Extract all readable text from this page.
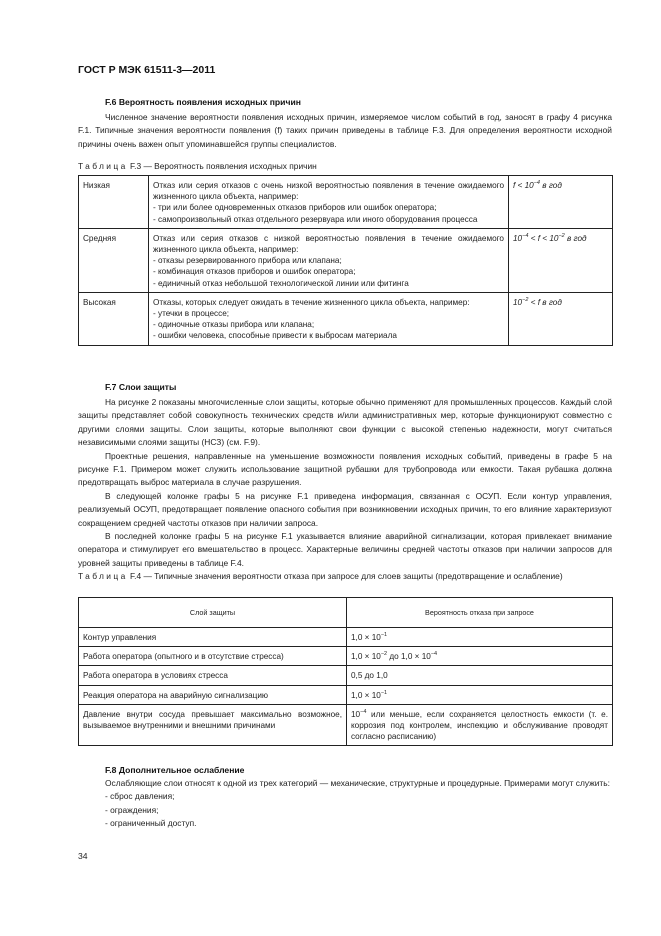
ГОСТ Р МЭК 61511-3—2011
F.6 Вероятность появления исходных причин

Численное значение вероятности появления исходных причин, измеряемое числом событий в год, заносят в графу 4 рисунка F.1. Типичные значения вероятности появления (f) таких причин приведены в таблице F.3. Для определения вероятности исходной причины очень важен опыт упоминавшейся группы специалистов.

Таблица F.3 — Вероятность появления исходных причин
Низкая	Отказ или серия отказов с очень низкой вероятностью появления в течение ожидаемого жизненного цикла объекта, например:
- три или более одновременных отказов приборов или ошибок оператора;
- самопроизвольный отказ отдельного резервуара или иного оборудования процесса	$f < 10^{-4}$ в год
Средняя	Отказ или серия отказов с низкой вероятностью появления в течение ожидаемого жизненного цикла объекта, например:
- отказы резервированного прибора или клапана;
- комбинация отказов приборов и ошибок оператора;
- единичный отказ небольшой технологической линии или фитинга	$10^{-4} < f < 10^{-2}$ в год
Высокая	Отказы, которых следует ожидать в течение жизненного цикла объекта, например:
- утечки в процессе;
- одиночные отказы прибора или клапана;
- ошибки человека, способные привести к выбросам материала	$10^{-2} < f$ в год
F.7 Слои защиты

На рисунке 2 показаны многочисленные слои защиты, которые обычно применяют для промышленных процессов. Каждый слой защиты представляет собой совокупность технических средств и/или административных мер, которые функционируют совместно с другими слоями защиты. Слои защиты, которые выполняют свои функции с высокой степенью надежности, могут считаться независимыми слоями защиты (НСЗ) (см. F.9).

Проектные решения, направленные на уменьшение возможности появления исходных событий, приведены в графе 5 на рисунке F.1. Примером может служить использование защитной рубашки для трубопровода или емкости. Такая рубашка должна предотвращать выброс материала в случае разрушения.

В следующей колонке графы 5 на рисунке F.1 приведена информация, связанная с ОСУП. Если контур управления, реализуемый ОСУП, предотвращает появление опасного события при возникновении исходных причин, то его влияние характеризуют сокращением средней частоты отказов при наличии запроса.

В последней колонке графы 5 на рисунке F.1 указывается влияние аварийной сигнализации, которая привлекает внимание оператора и стимулирует его вмешательство в процесс. Характерные величины средней частоты отказов при наличии запросов для уровней защиты приведены в таблице F.4.

Таблица F.4 — Типичные значения вероятности отказа при запросе для слоев защиты (предотвращение и ослабление)
Слой защиты	Вероятность отказа при запросе
Контур управления	$1,0 \times 10^{-1}$
Работа оператора (опытного и в отсутствие стресса)	$1,0 \times 10^{-2}$ до $1,0 \times 10^{-4}$
Работа оператора в условиях стресса	0,5 до 1,0
Реакция оператора на аварийную сигнализацию	$1,0 \times 10^{-1}$
Давление внутри сосуда превышает максимально возможное, вызываемое внутренними и внешними причинами	$10^{-4}$ или меньше, если сохраняется целостность емкости (т. е. коррозия под контролем, инспекцию и обслуживание проводят согласно расписанию)
F.8 Дополнительное ослабление

Ослабляющие слои относят к одной из трех категорий — механические, структурные и процедурные. Примерами могут служить:

- сброс давления;
- ограждения;
- ограниченный доступ.
34
